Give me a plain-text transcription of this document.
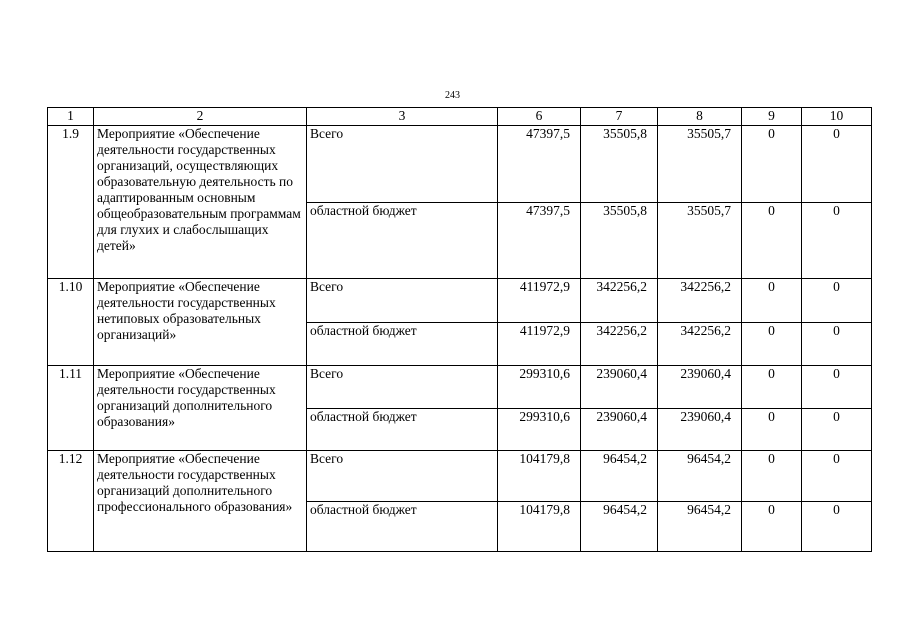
243
1	2	3	6	7	8	9	10
1.9	Мероприятие «Обеспечение деятельности государственных организаций, осуществляющих образовательную деятельность по адаптированным основным общеобразовательным программам для глухих и слабослышащих детей»	Всего	47397,5	35505,8	35505,7	0	0
		областной бюджет	47397,5	35505,8	35505,7	0	0
1.10	Мероприятие «Обеспечение деятельности государственных нетиповых образовательных организаций»	Всего	411972,9	342256,2	342256,2	0	0
		областной бюджет	411972,9	342256,2	342256,2	0	0
1.11	Мероприятие «Обеспечение деятельности государственных организаций дополнительного образования»	Всего	299310,6	239060,4	239060,4	0	0
		областной бюджет	299310,6	239060,4	239060,4	0	0
1.12	Мероприятие «Обеспечение деятельности государственных организаций дополнительного профессионального образования»	Всего	104179,8	96454,2	96454,2	0	0
		областной бюджет	104179,8	96454,2	96454,2	0	0
